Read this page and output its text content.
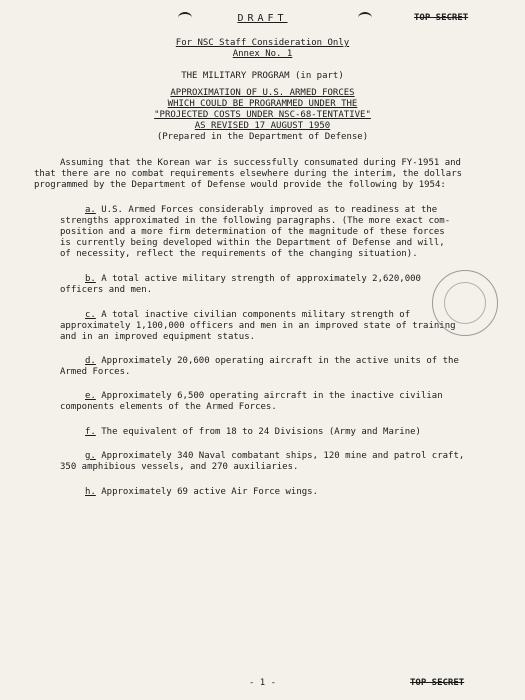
DRAFT	TOP SECRET
For NSC Staff Consideration Only
Annex No. 1
THE MILITARY PROGRAM (in part)
APPROXIMATION OF U.S. ARMED FORCES
WHICH COULD BE PROGRAMMED UNDER THE
"PROJECTED COSTS UNDER NSC-68-TENTATIVE"
AS REVISED 17 AUGUST 1950
(Prepared in the Department of Defense)
Assuming that the Korean war is successfully consumated during FY-1951 and
that there are no combat requirements elsewhere during the interim, the dollars
programmed by the Department of Defense would provide the following by 1954:
a. U.S. Armed Forces considerably improved as to readiness at the
strengths approximated in the following paragraphs. (The more exact com-
position and a more firm determination of the magnitude of these forces
is currently being developed within the Department of Defense and will,
of necessity, reflect the requirements of the changing situation).
b. A total active military strength of approximately 2,620,000
officers and men.
c. A total inactive civilian components military strength of
approximately 1,100,000 officers and men in an improved state of training
and in an improved equipment status.
d. Approximately 20,600 operating aircraft in the active units of the
Armed Forces.
e. Approximately 6,500 operating aircraft in the inactive civilian
components elements of the Armed Forces.
f. The equivalent of from 18 to 24 Divisions (Army and Marine)
g. Approximately 340 Naval combatant ships, 120 mine and patrol craft,
350 amphibious vessels, and 270 auxiliaries.
h. Approximately 69 active Air Force wings.
- 1 -	TOP SECRET
